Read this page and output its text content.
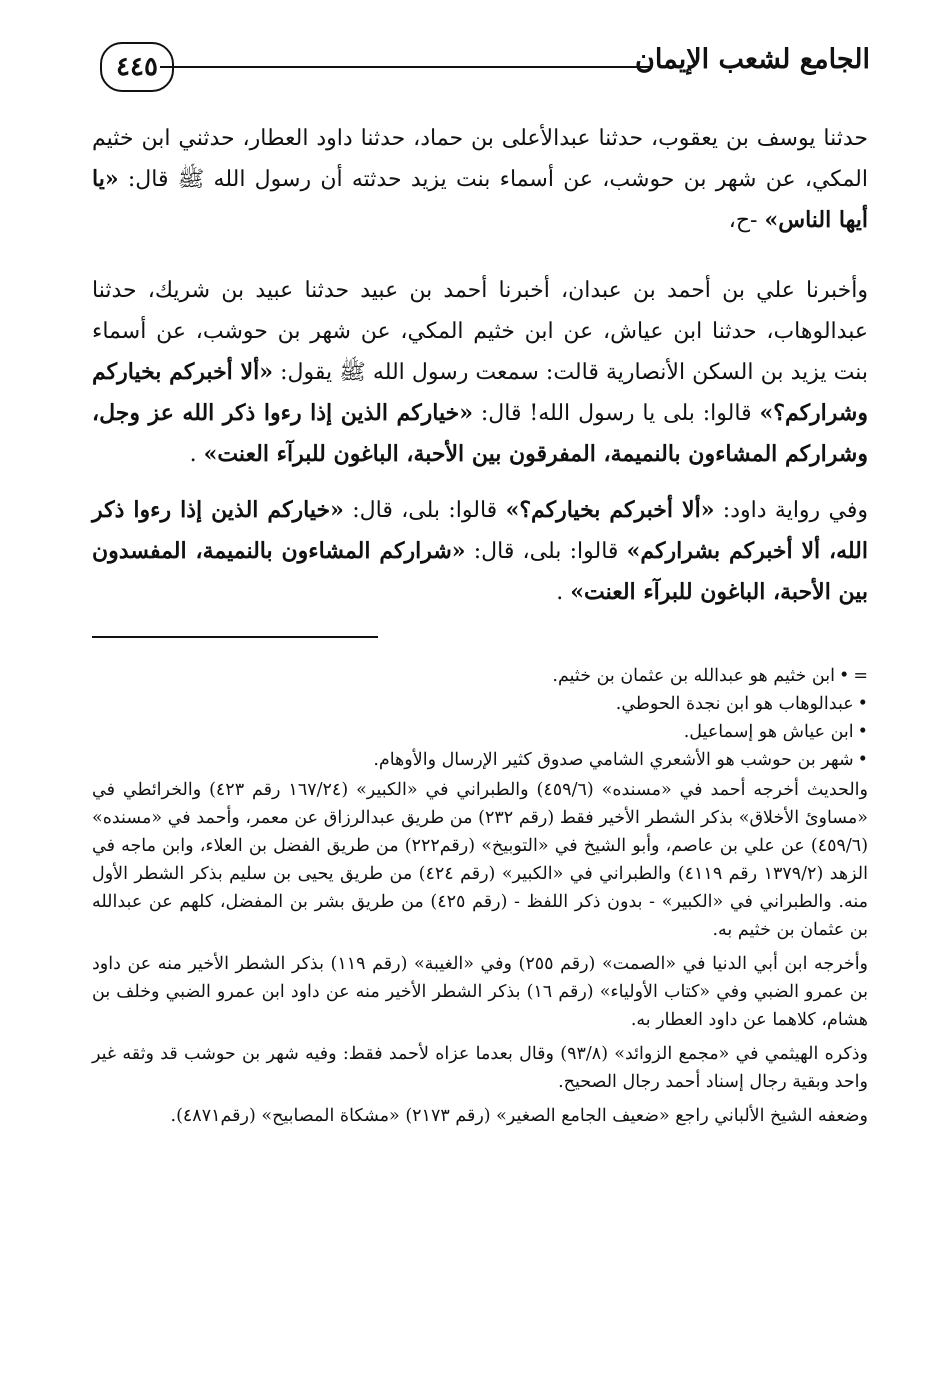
الجامع لشعب الإيمان
٤٤٥

حدثنا يوسف بن يعقوب، حدثنا عبدالأعلى بن حماد، حدثنا داود العطار، حدثني ابن خثيم المكي، عن شهر بن حوشب، عن أسماء بنت يزيد حدثته أن رسول الله ﷺ قال: «يا أيها الناس» -ح،

وأخبرنا علي بن أحمد بن عبدان، أخبرنا أحمد بن عبيد حدثنا عبيد بن شريك، حدثنا عبدالوهاب، حدثنا ابن عياش، عن ابن خثيم المكي، عن شهر بن حوشب، عن أسماء بنت يزيد بن السكن الأنصارية قالت: سمعت رسول الله ﷺ يقول: «ألا أخبركم بخياركم وشراركم؟» قالوا: بلى يا رسول الله! قال: «خياركم الذين إذا رءوا ذكر الله عز وجل، وشراركم المشاءون بالنميمة، المفرقون بين الأحبة، الباغون للبرآء العنت» .

وفي رواية داود: «ألا أخبركم بخياركم؟» قالوا: بلى، قال: «خياركم الذين إذا رءوا ذكر الله، ألا أخبركم بشراركم» قالوا: بلى، قال: «شراركم المشاءون بالنميمة، المفسدون بين الأحبة، الباغون للبرآء العنت» .

=
•
ابن خثيم هو عبدالله بن عثمان بن خثيم.
•
عبدالوهاب هو ابن نجدة الحوطي.
•
ابن عياش هو إسماعيل.
•
شهر بن حوشب هو الأشعري الشامي صدوق كثير الإرسال والأوهام.

والحديث أخرجه أحمد في «مسنده» (٤٥٩/٦) والطبراني في «الكبير» (١٦٧/٢٤ رقم ٤٢٣) والخرائطي في «مساوئ الأخلاق» بذكر الشطر الأخير فقط (رقم ٢٣٢) من طريق عبدالرزاق عن معمر، وأحمد في «مسنده» (٤٥٩/٦) عن علي بن عاصم، وأبو الشيخ في «التوبيخ» (رقم٢٢٢) من طريق الفضل بن العلاء، وابن ماجه في الزهد (١٣٧٩/٢ رقم ٤١١٩) والطبراني في «الكبير» (رقم ٤٢٤) من طريق يحيى بن سليم بذكر الشطر الأول منه. والطبراني في «الكبير» - بدون ذكر اللفظ - (رقم ٤٢٥) من طريق بشر بن المفضل، كلهم عن عبدالله بن عثمان بن خثيم به.

وأخرجه ابن أبي الدنيا في «الصمت» (رقم ٢٥٥) وفي «الغيبة» (رقم ١١٩) بذكر الشطر الأخير منه عن داود بن عمرو الضبي وفي «كتاب الأولياء» (رقم ١٦) بذكر الشطر الأخير منه عن داود ابن عمرو الضبي وخلف بن هشام، كلاهما عن داود العطار به.

وذكره الهيثمي في «مجمع الزوائد» (٩٣/٨) وقال بعدما عزاه لأحمد فقط: وفيه شهر بن حوشب قد وثقه غير واحد وبقية رجال إسناد أحمد رجال الصحيح.

وضعفه الشيخ الألباني راجع «ضعيف الجامع الصغير» (رقم ٢١٧٣) «مشكاة المصابيح» (رقم٤٨٧١).
